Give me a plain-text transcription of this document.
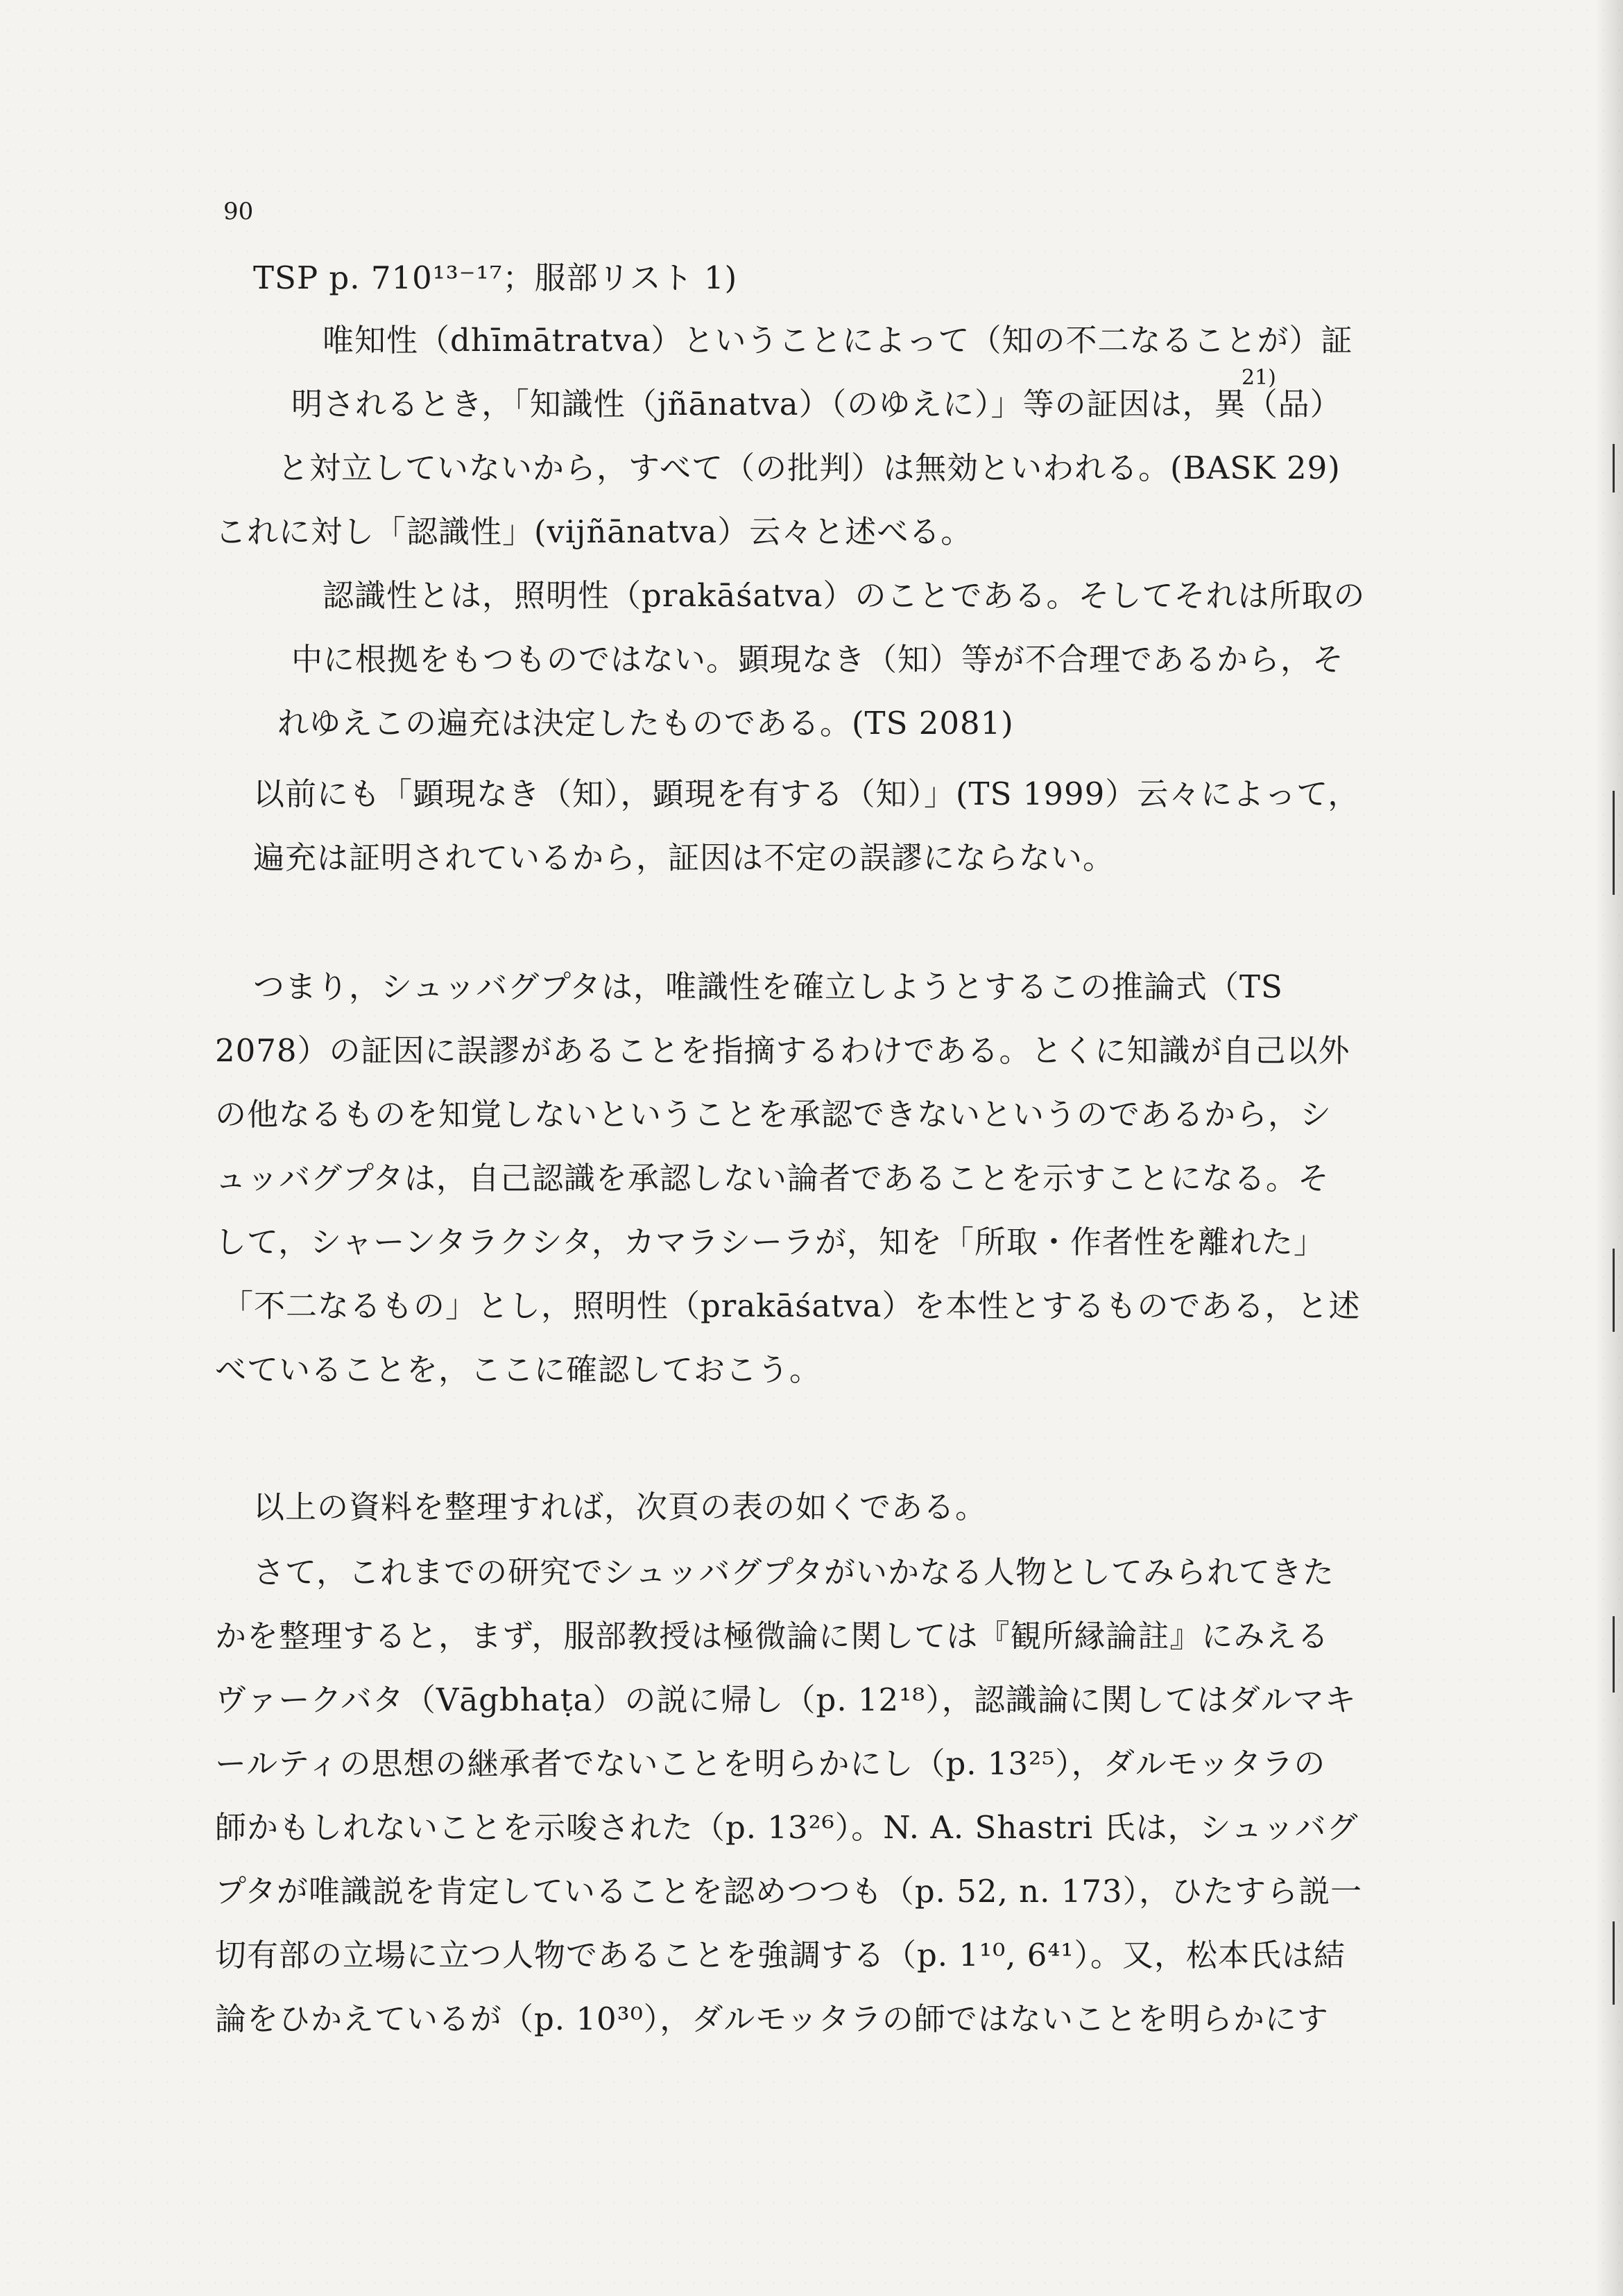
90
TSP p. 710¹³⁻¹⁷；服部リスト 1)
唯知性（dhīmātratva）ということによって（知の不二なることが）証
21)
明されるとき，「知識性（jñānatva）（のゆえに）」等の証因は，異（品）
と対立していないから，すべて（の批判）は無効といわれる。(BASK 29)
これに対し「認識性」(vijñānatva）云々と述べる。
認識性とは，照明性（prakāśatva）のことである。そしてそれは所取の
中に根拠をもつものではない。顕現なき（知）等が不合理であるから，そ
れゆえこの遍充は決定したものである。(TS 2081)
以前にも「顕現なき（知），顕現を有する（知）」(TS 1999）云々によって，
遍充は証明されているから，証因は不定の誤謬にならない。
つまり，シュッバグプタは，唯識性を確立しようとするこの推論式（TS
2078）の証因に誤謬があることを指摘するわけである。とくに知識が自己以外
の他なるものを知覚しないということを承認できないというのであるから，シ
ュッバグプタは，自己認識を承認しない論者であることを示すことになる。そ
して，シャーンタラクシタ，カマラシーラが，知を「所取・作者性を離れた」
「不二なるもの」とし，照明性（prakāśatva）を本性とするものである，と述
べていることを，ここに確認しておこう。
以上の資料を整理すれば，次頁の表の如くである。
さて，これまでの研究でシュッバグプタがいかなる人物としてみられてきた
かを整理すると，まず，服部教授は極微論に関しては『観所縁論註』にみえる
ヴァークバタ（Vāgbhaṭa）の説に帰し（p. 12¹⁸），認識論に関してはダルマキ
ールティの思想の継承者でないことを明らかにし（p. 13²⁵），ダルモッタラの
師かもしれないことを示唆された（p. 13²⁶）。N. A. Shastri 氏は，シュッバグ
プタが唯識説を肯定していることを認めつつも（p. 52, n. 173），ひたすら説一
切有部の立場に立つ人物であることを強調する（p. 1¹⁰, 6⁴¹）。又，松本氏は結
論をひかえているが（p. 10³⁰），ダルモッタラの師ではないことを明らかにす
